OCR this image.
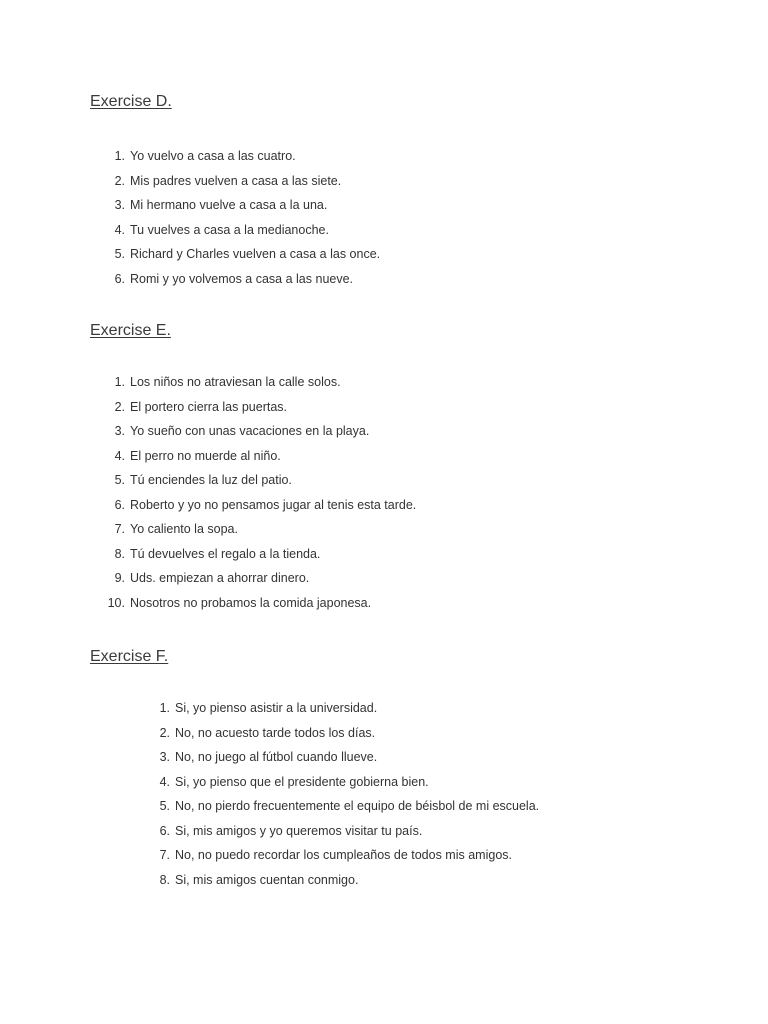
Exercise D.
1. Yo vuelvo a casa a las cuatro.
2. Mis padres vuelven a casa a las siete.
3. Mi hermano vuelve a casa a la una.
4. Tu vuelves a casa a la medianoche.
5. Richard y Charles vuelven a casa a las once.
6. Romi y yo volvemos a casa a las nueve.
Exercise E.
1. Los niños no atraviesan la calle solos.
2. El portero cierra las puertas.
3. Yo sueño con unas vacaciones en la playa.
4. El perro no muerde al niño.
5. Tú enciendes la luz del patio.
6. Roberto y yo no pensamos jugar al tenis esta tarde.
7. Yo caliento la sopa.
8. Tú devuelves el regalo a la tienda.
9. Uds. empiezan a ahorrar dinero.
10. Nosotros no probamos la comida japonesa.
Exercise F.
1. Si, yo pienso asistir a la universidad.
2. No, no acuesto tarde todos los días.
3. No, no juego al fútbol cuando llueve.
4. Si, yo pienso que el presidente gobierna bien.
5. No, no pierdo frecuentemente el equipo de béisbol de mi escuela.
6. Si, mis amigos y yo queremos visitar tu país.
7. No, no puedo recordar los cumpleaños de todos mis amigos.
8. Si, mis amigos cuentan conmigo.
